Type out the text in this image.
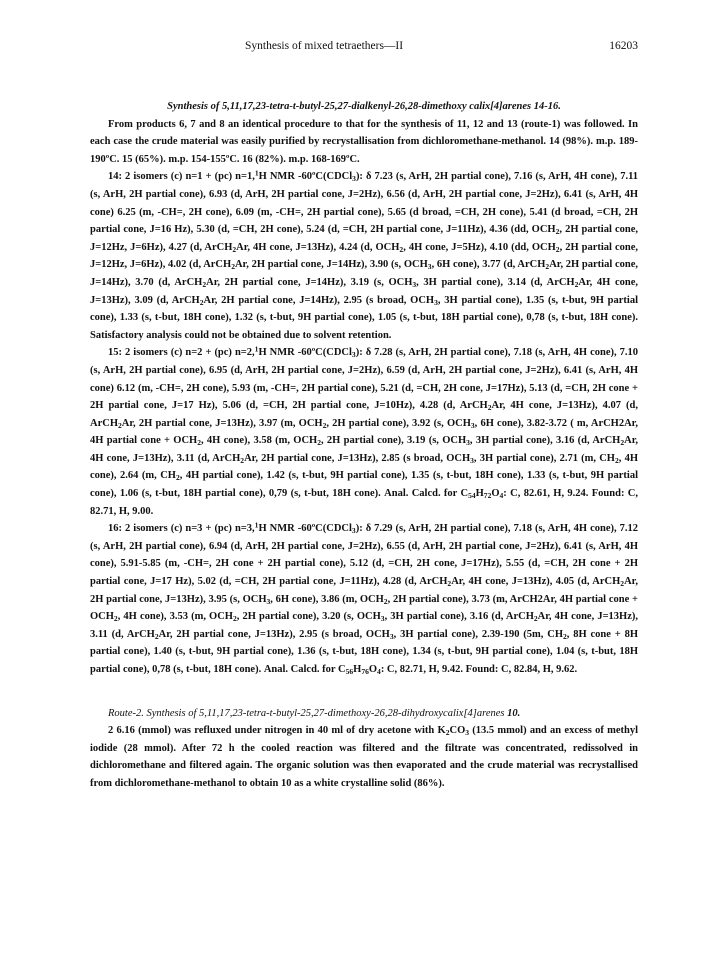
Synthesis of mixed tetraethers—II	16203

Synthesis of 5,11,17,23-tetra-t-butyl-25,27-dialkenyl-26,28-dimethoxy calix[4]arenes 14-16.

From products 6, 7 and 8 an identical procedure to that for the synthesis of 11, 12 and 13 (route-1) was followed. In each case the crude material was easily purified by recrystallisation from dichloromethane-methanol. 14 (98%). m.p. 189-190ºC. 15 (65%). m.p. 154-155ºC. 16 (82%). m.p. 168-169ºC.

14: 2 isomers (c) n=1 + (pc) n=1,$^1$H NMR -60ºC(CDCl$_3$): δ 7.23 (s, ArH, 2H partial cone), 7.16 (s, ArH, 4H cone), 7.11 (s, ArH, 2H partial cone), 6.93 (d, ArH, 2H partial cone, J=2Hz), 6.56 (d, ArH, 2H partial cone, J=2Hz), 6.41 (s, ArH, 4H cone) 6.25 (m, -CH=, 2H cone), 6.09 (m, -CH=, 2H partial cone), 5.65 (d broad, =CH, 2H cone), 5.41 (d broad, =CH, 2H partial cone, J=16 Hz), 5.30 (d, =CH, 2H cone), 5.24 (d, =CH, 2H partial cone, J=11Hz), 4.36 (dd, $OCH_2$, 2H partial cone, J=12Hz, J=6Hz), 4.27 (d, ArCH$_2$Ar, 4H cone, J=13Hz), 4.24 (d, $OCH_2$, 4H cone, J=5Hz), 4.10 (dd, $OCH_2$, 2H partial cone, J=12Hz, J=6Hz), 4.02 (d, ArCH$_2$Ar, 2H partial cone, J=14Hz), 3.90 (s, $OCH_3$, 6H cone), 3.77 (d, ArCH$_2$Ar, 2H partial cone, J=14Hz), 3.70 (d, ArCH$_2$Ar, 2H partial cone, J=14Hz), 3.19 (s, $OCH_3$, 3H partial cone), 3.14 (d, ArCH$_2$Ar, 4H cone, J=13Hz), 3.09 (d, ArCH$_2$Ar, 2H partial cone, J=14Hz), 2.95 (s broad, $OCH_3$, 3H partial cone), 1.35 (s, t-but, 9H partial cone), 1.33 (s, t-but, 18H cone), 1.32 (s, t-but, 9H partial cone), 1.05 (s, t-but, 18H partial cone), 0,78 (s, t-but, 18H cone). Satisfactory analysis could not be obtained due to solvent retention.

15: 2 isomers (c) n=2 + (pc) n=2,$^1$H NMR -60ºC(CDCl$_3$): δ 7.28 (s, ArH, 2H partial cone), 7.18 (s, ArH, 4H cone), 7.10 (s, ArH, 2H partial cone), 6.95 (d, ArH, 2H partial cone, J=2Hz), 6.59 (d, ArH, 2H partial cone, J=2Hz), 6.41 (s, ArH, 4H cone) 6.12 (m, -CH=, 2H cone), 5.93 (m, -CH=, 2H partial cone), 5.21 (d, =CH, 2H cone, J=17Hz), 5.13 (d, =CH, 2H cone + 2H partial cone, J=17 Hz), 5.06 (d, =CH, 2H partial cone, J=10Hz), 4.28 (d, ArCH$_2$Ar, 4H cone, J=13Hz), 4.07 (d, ArCH$_2$Ar, 2H partial cone, J=13Hz), 3.97 (m, $OCH_2$, 2H partial cone), 3.92 (s, $OCH_3$, 6H cone), 3.82-3.72 ( m, ArCH2Ar, 4H partial cone + $OCH_2$, 4H cone), 3.58 (m, $OCH_2$, 2H partial cone), 3.19 (s, $OCH_3$, 3H partial cone), 3.16 (d, ArCH$_2$Ar, 4H cone, J=13Hz), 3.11 (d, ArCH$_2$Ar, 2H partial cone, J=13Hz), 2.85 (s broad, $OCH_3$, 3H partial cone), 2.71 (m, $CH_2$, 4H cone), 2.64 (m, $CH_2$, 4H partial cone), 1.42 (s, t-but, 9H partial cone), 1.35 (s, t-but, 18H cone), 1.33 (s, t-but, 9H partial cone), 1.06 (s, t-but, 18H partial cone), 0,79 (s, t-but, 18H cone). Anal. Calcd. for $C_{54}H_{72}O_4$: C, 82.61, H, 9.24. Found: C, 82.71, H, 9.00.

16: 2 isomers (c) n=3 + (pc) n=3,$^1$H NMR -60ºC(CDCl$_3$): δ 7.29 (s, ArH, 2H partial cone), 7.18 (s, ArH, 4H cone), 7.12 (s, ArH, 2H partial cone), 6.94 (d, ArH, 2H partial cone, J=2Hz), 6.55 (d, ArH, 2H partial cone, J=2Hz), 6.41 (s, ArH, 4H cone), 5.91-5.85 (m, -CH=, 2H cone + 2H partial cone), 5.12 (d, =CH, 2H cone, J=17Hz), 5.55 (d, =CH, 2H cone + 2H partial cone, J=17 Hz), 5.02 (d, =CH, 2H partial cone, J=11Hz), 4.28 (d, ArCH$_2$Ar, 4H cone, J=13Hz), 4.05 (d, ArCH$_2$Ar, 2H partial cone, J=13Hz), 3.95 (s, $OCH_3$, 6H cone), 3.86 (m, $OCH_2$, 2H partial cone), 3.73 (m, ArCH2Ar, 4H partial cone + $OCH_2$, 4H cone), 3.53 (m, $OCH_2$, 2H partial cone), 3.20 (s, $OCH_3$, 3H partial cone), 3.16 (d, ArCH$_2$Ar, 4H cone, J=13Hz), 3.11 (d, ArCH$_2$Ar, 2H partial cone, J=13Hz), 2.95 (s broad, $OCH_3$, 3H partial cone), 2.39-190 (5m, $CH_2$, 8H cone + 8H partial cone), 1.40 (s, t-but, 9H partial cone), 1.36 (s, t-but, 18H cone), 1.34 (s, t-but, 9H partial cone), 1.04 (s, t-but, 18H partial cone), 0,78 (s, t-but, 18H cone). Anal. Calcd. for $C_{56}H_{76}O_4$: C, 82.71, H, 9.42. Found: C, 82.84, H, 9.62.

Route-2. Synthesis of 5,11,17,23-tetra-t-butyl-25,27-dimethoxy-26,28-dihydroxycalix[4]arenes 10.

2 6.16 (mmol) was refluxed under nitrogen in 40 ml of dry acetone with $K_2CO_3$ (13.5 mmol) and an excess of methyl iodide (28 mmol). After 72 h the cooled reaction was filtered and the filtrate was concentrated, redissolved in dichloromethane and filtered again. The organic solution was then evaporated and the crude material was recrystallised from dichloromethane-methanol to obtain 10 as a white crystalline solid (86%).
